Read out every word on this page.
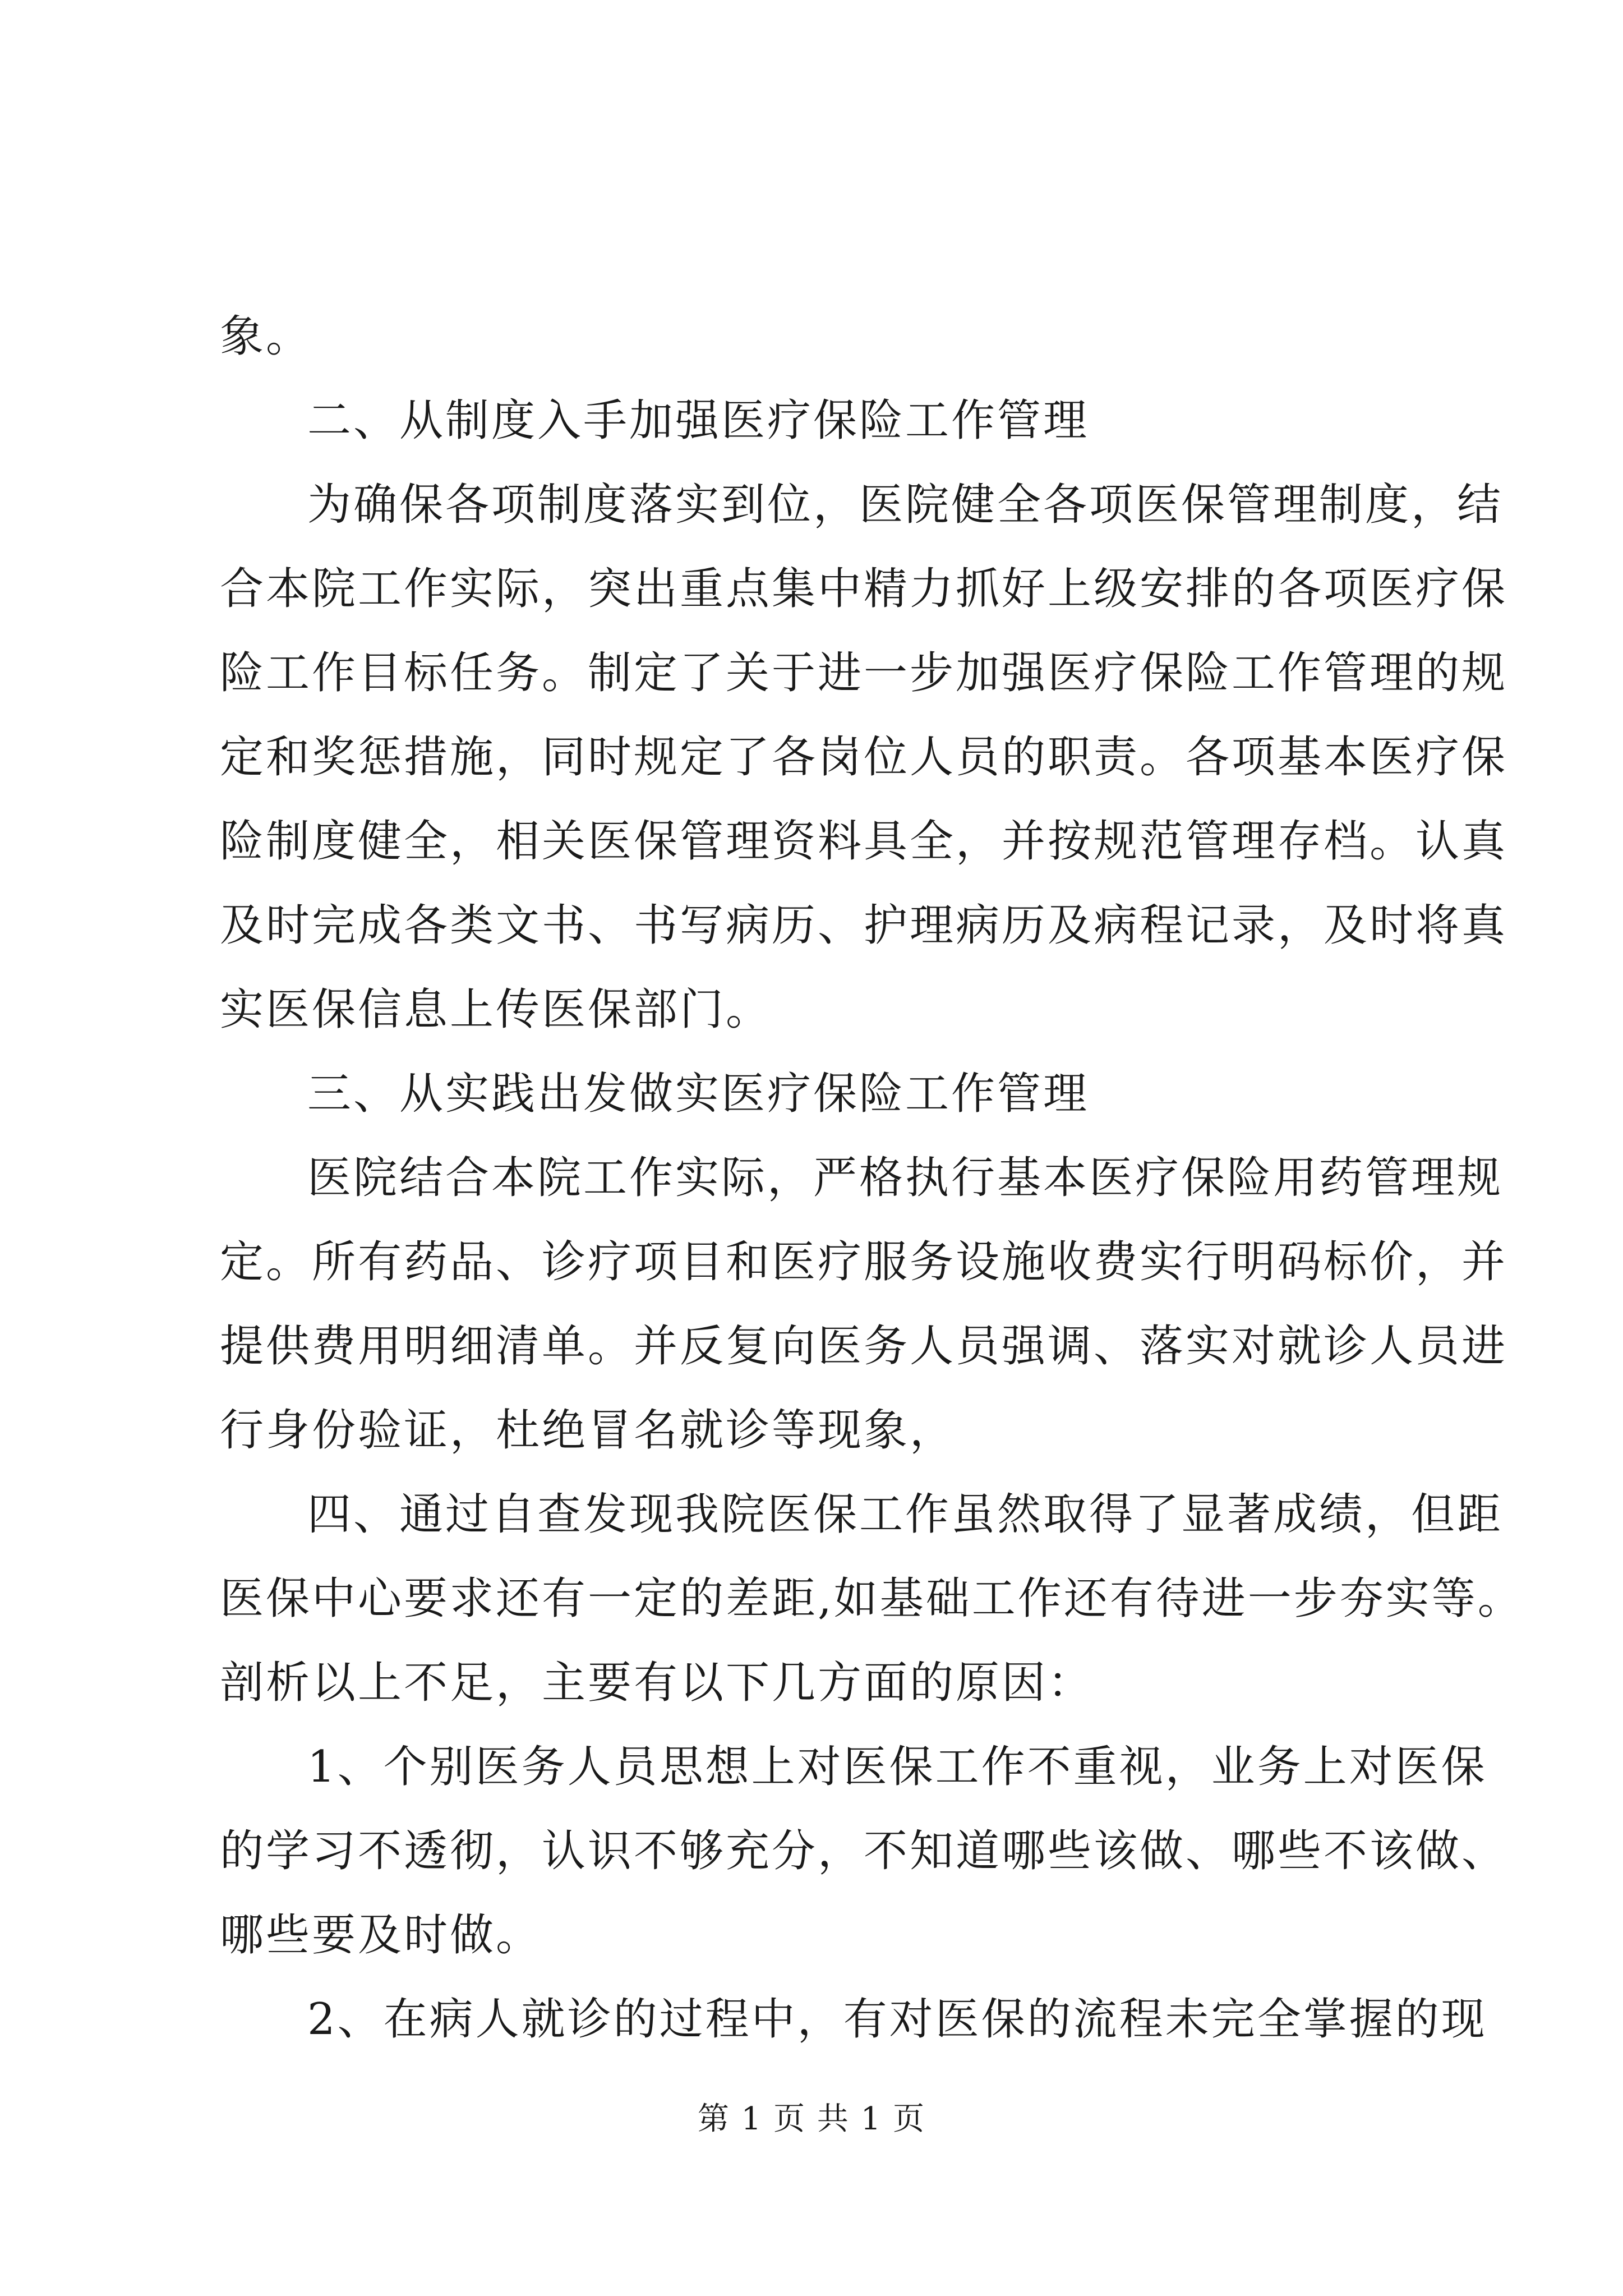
象。
二、从制度入手加强医疗保险工作管理
为确保各项制度落实到位，医院健全各项医保管理制度，结
合本院工作实际，突出重点集中精力抓好上级安排的各项医疗保
险工作目标任务。制定了关于进一步加强医疗保险工作管理的规
定和奖惩措施，同时规定了各岗位人员的职责。各项基本医疗保
险制度健全，相关医保管理资料具全，并按规范管理存档。认真
及时完成各类文书、书写病历、护理病历及病程记录，及时将真
实医保信息上传医保部门。
三、从实践出发做实医疗保险工作管理
医院结合本院工作实际，严格执行基本医疗保险用药管理规
定。所有药品、诊疗项目和医疗服务设施收费实行明码标价，并
提供费用明细清单。并反复向医务人员强调、落实对就诊人员进
行身份验证，杜绝冒名就诊等现象，
四、通过自查发现我院医保工作虽然取得了显著成绩，但距
医保中心要求还有一定的差距,如基础工作还有待进一步夯实等。
剖析以上不足，主要有以下几方面的原因：
1、个别医务人员思想上对医保工作不重视，业务上对医保
的学习不透彻，认识不够充分，不知道哪些该做、哪些不该做、
哪些要及时做。
2、在病人就诊的过程中，有对医保的流程未完全掌握的现
第 1 页 共 1 页
